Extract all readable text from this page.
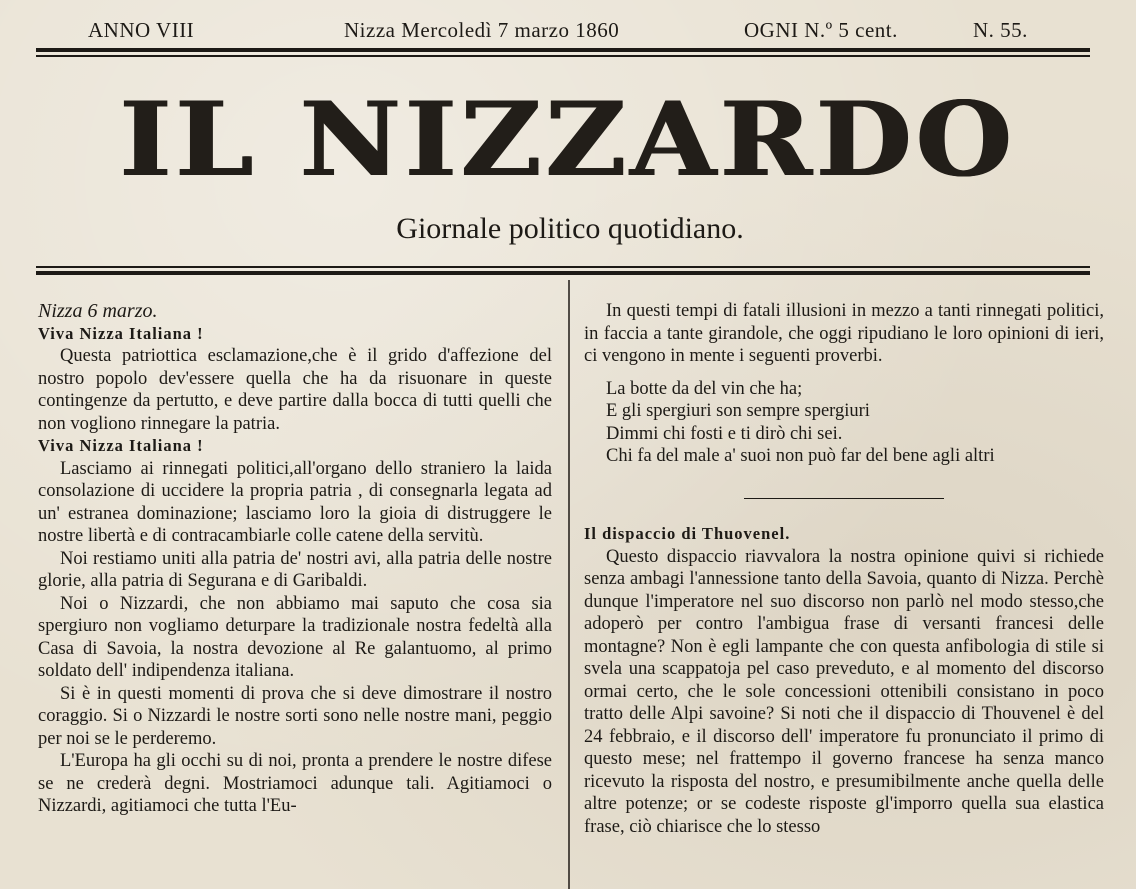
ANNO VIII	Nizza Mercoledì 7 marzo 1860	OGNI N.º 5 cent.	N. 55.
IL NIZZARDO
Giornale politico quotidiano.

Nizza 6 marzo.

Viva Nizza Italiana !

Questa patriottica esclamazione,che è il grido d'affezione del nostro popolo dev'essere quella che ha da risuonare in queste contingenze da pertutto, e deve partire dalla bocca di tutti quelli che non vogliono rinnegare la patria.

Viva Nizza Italiana !

Lasciamo ai rinnegati politici,all'organo dello straniero la laida consolazione di uccidere la propria patria , di consegnarla legata ad un' estranea dominazione; lasciamo loro la gioia di distruggere le nostre libertà e di contracambiarle colle catene della servitù.

Noi restiamo uniti alla patria de' nostri avi, alla patria delle nostre glorie, alla patria di Segurana e di Garibaldi.

Noi o Nizzardi, che non abbiamo mai saputo che cosa sia spergiuro non vogliamo deturpare la tradizionale nostra fedeltà alla Casa di Savoia, la nostra devozione al Re galantuomo, al primo soldato dell' indipendenza italiana.

Si è in questi momenti di prova che si deve dimostrare il nostro coraggio. Si o Nizzardi le nostre sorti sono nelle nostre mani, peggio per noi se le perderemo.

L'Europa ha gli occhi su di noi, pronta a prendere le nostre difese se ne crederà degni. Mostriamoci adunque tali. Agitiamoci o Nizzardi, agitiamoci che tutta l'Eu-

In questi tempi di fatali illusioni in mezzo a tanti rinnegati politici, in faccia a tante girandole, che oggi ripudiano le loro opinioni di ieri, ci vengono in mente i seguenti proverbi.

La botte da del vin che ha;
E gli spergiuri son sempre spergiuri
Dimmi chi fosti e ti dirò chi sei.
Chi fa del male a' suoi non può far del bene agli altri

Il dispaccio di Thuovenel.

Questo dispaccio riavvalora la nostra opinione quivi si richiede senza ambagi l'annessione tanto della Savoia, quanto di Nizza. Perchè dunque l'imperatore nel suo discorso non parlò nel modo stesso,che adoperò per contro l'ambigua frase di versanti francesi delle montagne? Non è egli lampante che con questa anfibologia di stile si svela una scappatoja pel caso preveduto, e al momento del discorso ormai certo, che le sole concessioni ottenibili consistano in poco tratto delle Alpi savoine? Si noti che il dispaccio di Thouvenel è del 24 febbraio, e il discorso dell' imperatore fu pronunciato il primo di questo mese; nel frattempo il governo francese ha senza manco ricevuto la risposta del nostro, e presumibilmente anche quella delle altre potenze; or se codeste risposte gl'imporro quella sua elastica frase, ciò chiarisce che lo stesso
